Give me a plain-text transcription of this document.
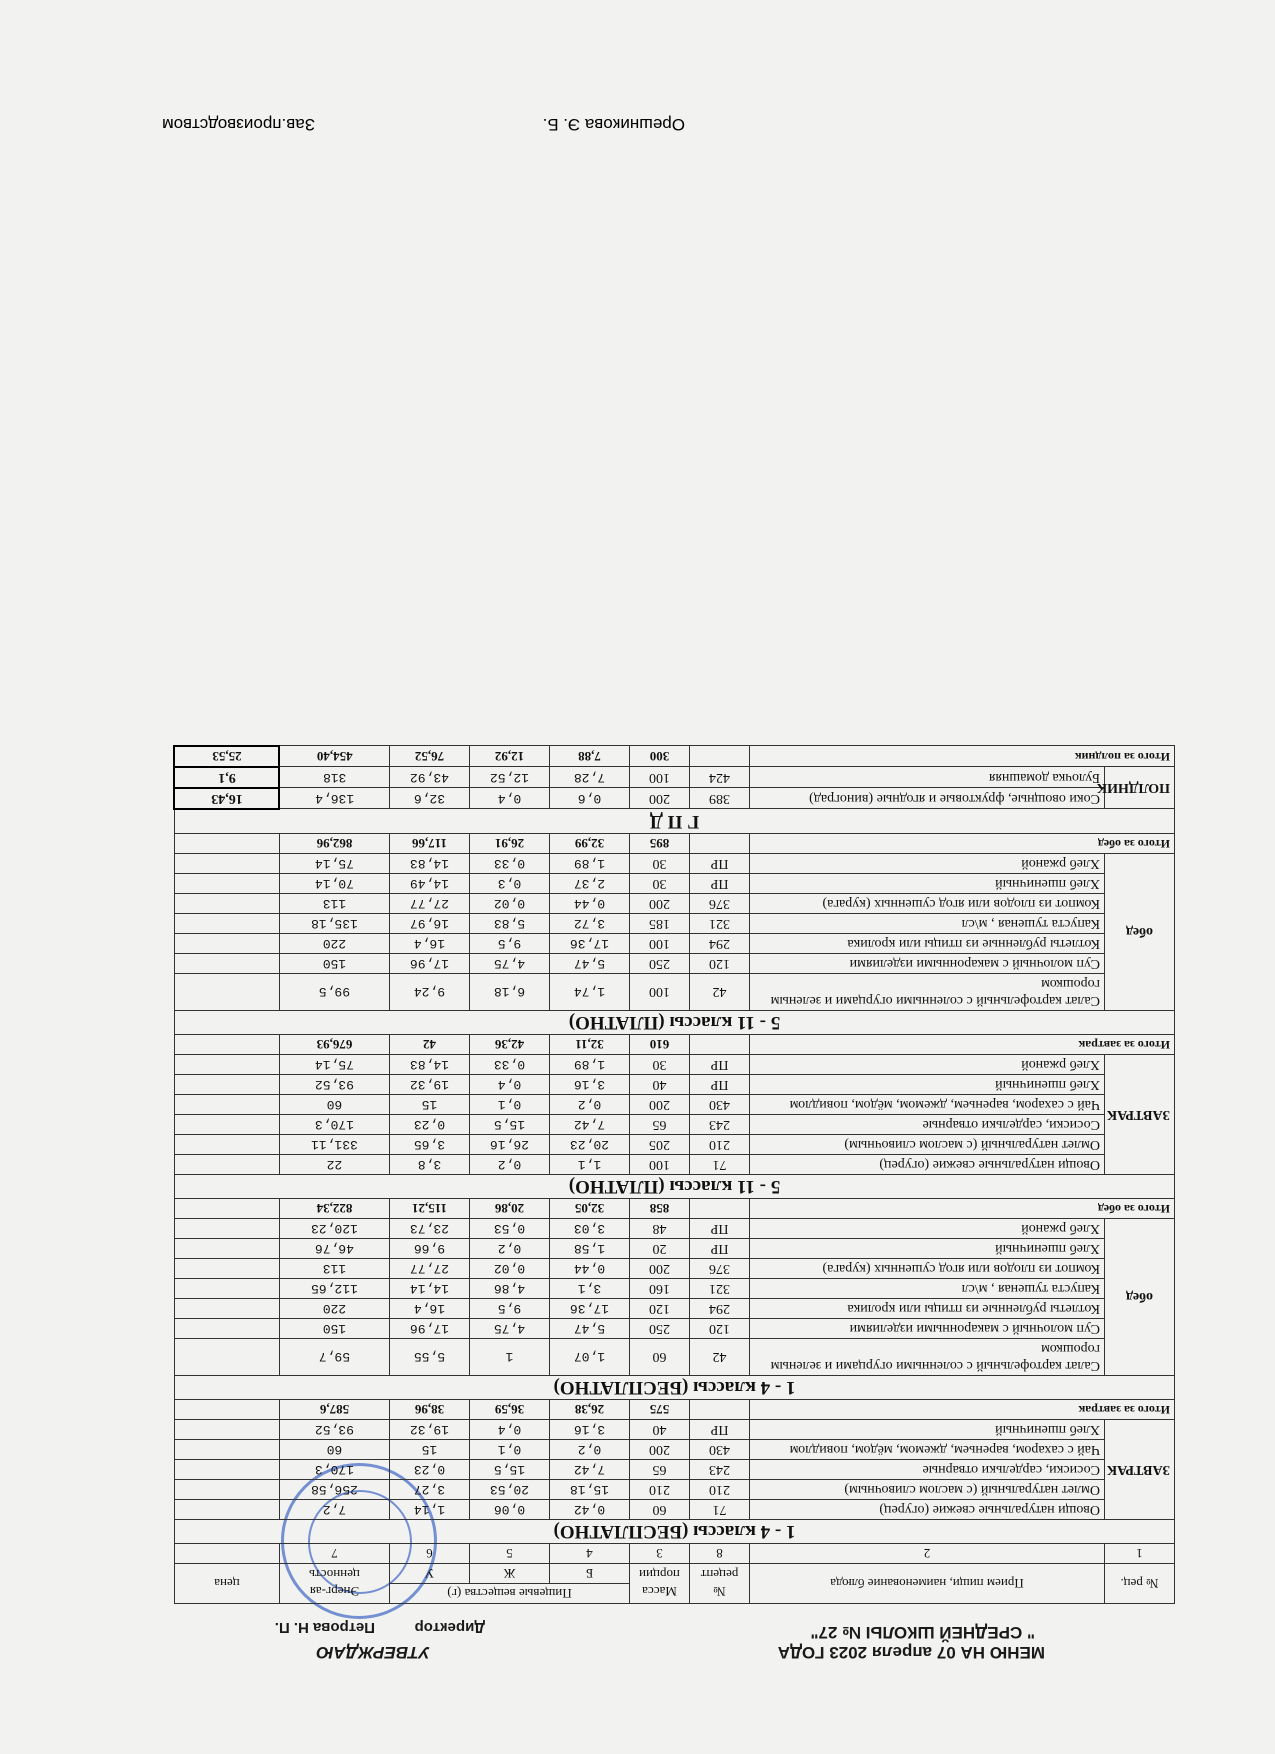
МЕНЮ НА 07 апреля 2023 ГОДА
" СРЕДНЕЙ ШКОЛЫ № 27"
УТВЕРЖДАЮ
Директор
Петрова Н. П.
№ рец.	Прием пищи, наименование блюда	№ рецепт	Масса порции	Пищевые вещества (г)			Энерг-ая ценность	цена
				Б	Ж	У		
1	2	8	3	4	5	6	7	
1 - 4 классы (БЕСПЛАТНО)								
ЗАВТРАК	Овощи натуральные свежие (огурец)	71	60	0,42	0,06	1,14	7,2	
	Омлет натуральный (с маслом сливочным)	210	210	15,18	20,53	3,27	256,58	
	Сосиски, сардельки отварные	243	65	7,42	15,5	0,23	170,3	
	Чай с сахаром, вареньем, джемом, мёдом, повидлом	430	200	0,2	0,1	15	60	
	Хлеб пшеничный	ПР	40	3,16	0,4	19,32	93,52	
Итого за завтрак			575	26,38	36,59	38,96	587,6	
1 - 4 классы (БЕСПЛАТНО)								
обед	Салат картофельный с соленными огурцами и зеленым горошком	42	60	1,07	1	5,55	59,7	
	Суп молочный с макаронными изделиями	120	250	5,47	4,75	17,96	150	
	Котлеты рубленные из птицы или кролика	294	120	17,36	9,5	16,4	220	
	Капуста тушеная , м\сл	321	160	3,1	4,86	14,14	112,65	
	Компот из плодов или ягод сушенных (курага)	376	200	0,44	0,02	27,77	113	
	Хлеб пшеничный	ПР	20	1,58	0,2	9,66	46,76	
	Хлеб ржаной	ПР	48	3,03	0,53	23,73	120,23	
Итого за обед			858	32,05	20,86	115,21	822,34	
5 - 11 классы (ПЛАТНО)								
ЗАВТРАК	Овощи натуральные свежие (огурец)	71	100	1,1	0,2	3,8	22	
	Омлет натуральный (с маслом сливочным)	210	205	20,23	26,16	3,65	331,11	
	Сосиски, сардельки отварные	243	65	7,42	15,5	0,23	170,3	
	Чай с сахаром, вареньем, джемом, мёдом, повидлом	430	200	0,2	0,1	15	60	
	Хлеб пшеничный	ПР	40	3,16	0,4	19,32	93,52	
	Хлеб ржаной	ПР	30	1,89	0,33	14,83	75,14	
Итого за завтрак			610	32,11	42,36	42	676,93	
5 - 11 классы (ПЛАТНО)								
обед	Салат картофельный с соленными огурцами и зеленым горошком	42	100	1,74	6,18	9,24	99,5	
	Суп молочный с макаронными изделиями	120	250	5,47	4,75	17,96	150	
	Котлеты рубленные из птицы или кролика	294	100	17,36	9,5	16,4	220	
	Капуста тушеная , м\сл	321	185	3,72	5,83	16,97	135,18	
	Компот из плодов или ягод сушенных (курага)	376	200	0,44	0,02	27,77	113	
	Хлеб пшеничный	ПР	30	2,37	0,3	14,49	70,14	
	Хлеб ржаной	ПР	30	1,89	0,33	14,83	75,14	
Итого за обед			895	32,99	26,91	117,66	862,96	
Г П Д								
ПОЛДНИК	Соки овощные, фруктовые и ягодные (виноград)	389	200	0,6	0,4	32,6	136,4	16,43
	Булочка домашняя	424	100	7,28	12,52	43,92	318	9,1
Итого за полдник			300	7,88	12,92	76,52	454,40	25,53
Зав.производством	Орешникова Э. Б.
